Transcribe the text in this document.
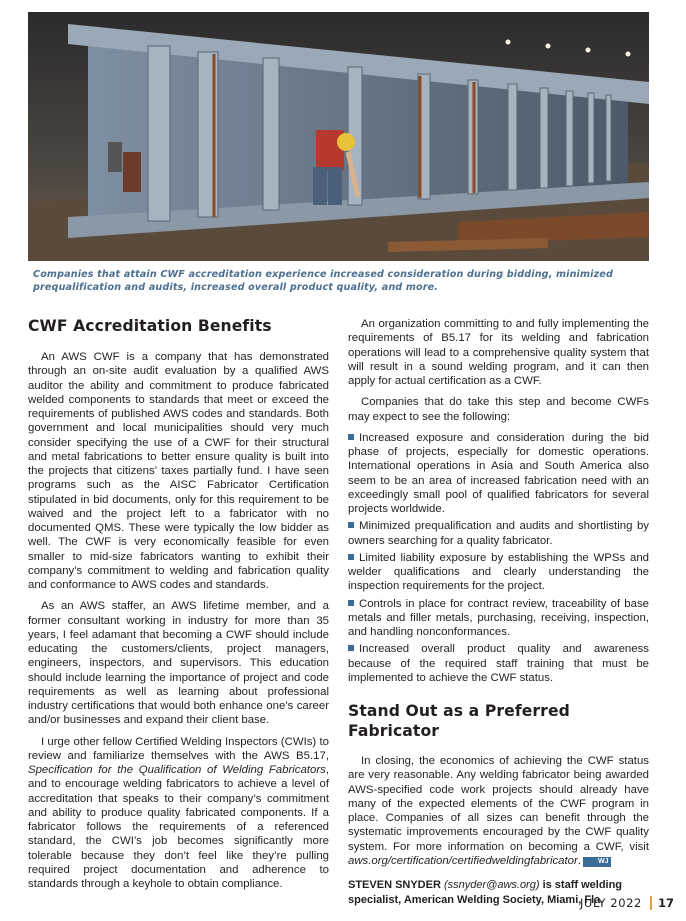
Companies that attain CWF accreditation experience increased consideration during bidding, minimized prequalification and audits, increased overall product quality, and more.
CWF Accreditation Benefits

An AWS CWF is a company that has demonstrated through an on-site audit evaluation by a qualified AWS auditor the ability and commitment to produce fabricated welded components to standards that meet or exceed the requirements of published AWS codes and standards. Both government and local municipalities should very much consider specifying the use of a CWF for their structural and metal fabrications to better ensure quality is built into the projects that citizens’ taxes partially fund. I have seen programs such as the AISC Fabricator Certification stipulated in bid documents, only for this requirement to be waived and the project left to a fabricator with no documented QMS. These were typically the low bidder as well. The CWF is very economically feasible for even smaller to mid-size fabricators wanting to exhibit their company’s commitment to welding and fabrication quality and conformance to AWS codes and standards.

As an AWS staffer, an AWS lifetime member, and a former consultant working in industry for more than 35 years, I feel adamant that becoming a CWF should include educating the customers/clients, project managers, engineers, inspectors, and supervisors. This education should include learning the importance of project and code requirements as well as learning about professional industry certifications that would both enhance one’s career and/or businesses and expand their client base.

I urge other fellow Certified Welding Inspectors (CWIs) to review and familiarize themselves with the AWS B5.17, Specification for the Qualification of Welding Fabricators, and to encourage welding fabricators to achieve a level of accreditation that speaks to their company’s commitment and ability to produce quality fabricated components. If a fabricator follows the requirements of a referenced standard, the CWI’s job becomes significantly more tolerable because they don’t feel like they’re pulling required project documentation and adherence to standards through a keyhole to obtain compliance.

An organization committing to and fully implementing the requirements of B5.17 for its welding and fabrication operations will lead to a comprehensive quality system that will result in a sound welding program, and it can then apply for actual certification as a CWF.

Companies that do take this step and become CWFs may expect to see the following:

Increased exposure and consideration during the bid phase of projects, especially for domestic operations. International operations in Asia and South America also seem to be an area of increased fabrication need with an exceedingly small pool of qualified fabricators for several projects worldwide.
Minimized prequalification and audits and shortlisting by owners searching for a quality fabricator.
Limited liability exposure by establishing the WPSs and welder qualifications and clearly understanding the inspection requirements for the project.
Controls in place for contract review, traceability of base metals and filler metals, purchasing, receiving, inspection, and handling nonconformances.
Increased overall product quality and awareness because of the required staff training that must be implemented to achieve the CWF status.
Stand Out as a Preferred Fabricator

In closing, the economics of achieving the CWF status are very reasonable. Any welding fabricator being awarded AWS-specified code work projects should already have many of the expected elements of the CWF program in place. Companies of all sizes can benefit through the systematic improvements encouraged by the CWF quality system. For more information on becoming a CWF, visit aws.org/certification/certifiedweldingfabricator. WJ

STEVEN SNYDER (ssnyder@aws.org) is staff welding specialist, American Welding Society, Miami, Fla.

JULY 2022 17
